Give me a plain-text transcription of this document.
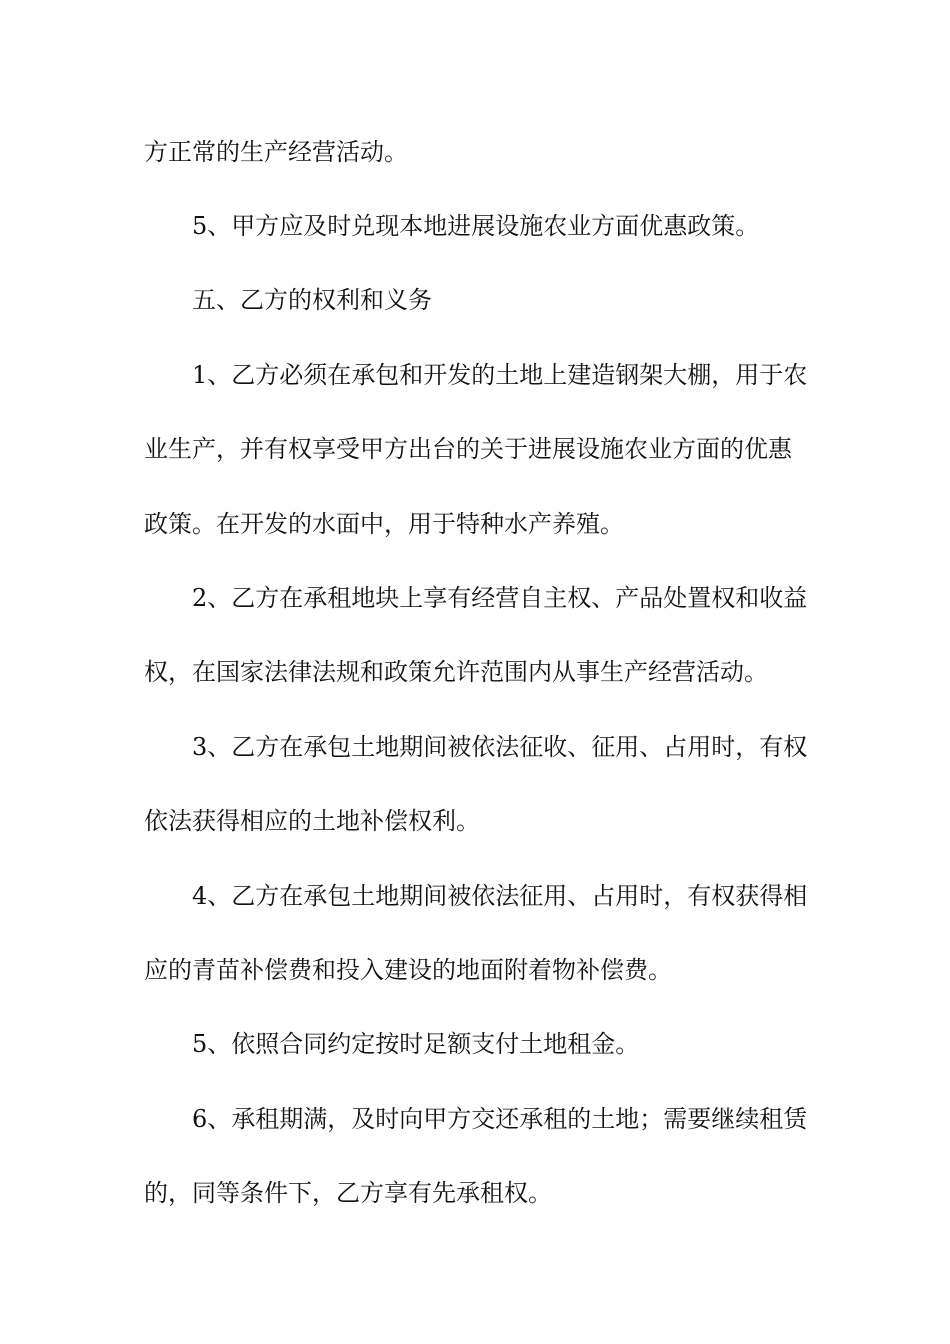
方正常的生产经营活动。

5、甲方应及时兑现本地进展设施农业方面优惠政策。

五、乙方的权利和义务

1、乙方必须在承包和开发的土地上建造钢架大棚，用于农

业生产，并有权享受甲方出台的关于进展设施农业方面的优惠

政策。在开发的水面中，用于特种水产养殖。

2、乙方在承租地块上享有经营自主权、产品处置权和收益

权，在国家法律法规和政策允许范围内从事生产经营活动。

3、乙方在承包土地期间被依法征收、征用、占用时，有权

依法获得相应的土地补偿权利。

4、乙方在承包土地期间被依法征用、占用时，有权获得相

应的青苗补偿费和投入建设的地面附着物补偿费。

5、依照合同约定按时足额支付土地租金。

6、承租期满，及时向甲方交还承租的土地；需要继续租赁

的，同等条件下，乙方享有先承租权。
